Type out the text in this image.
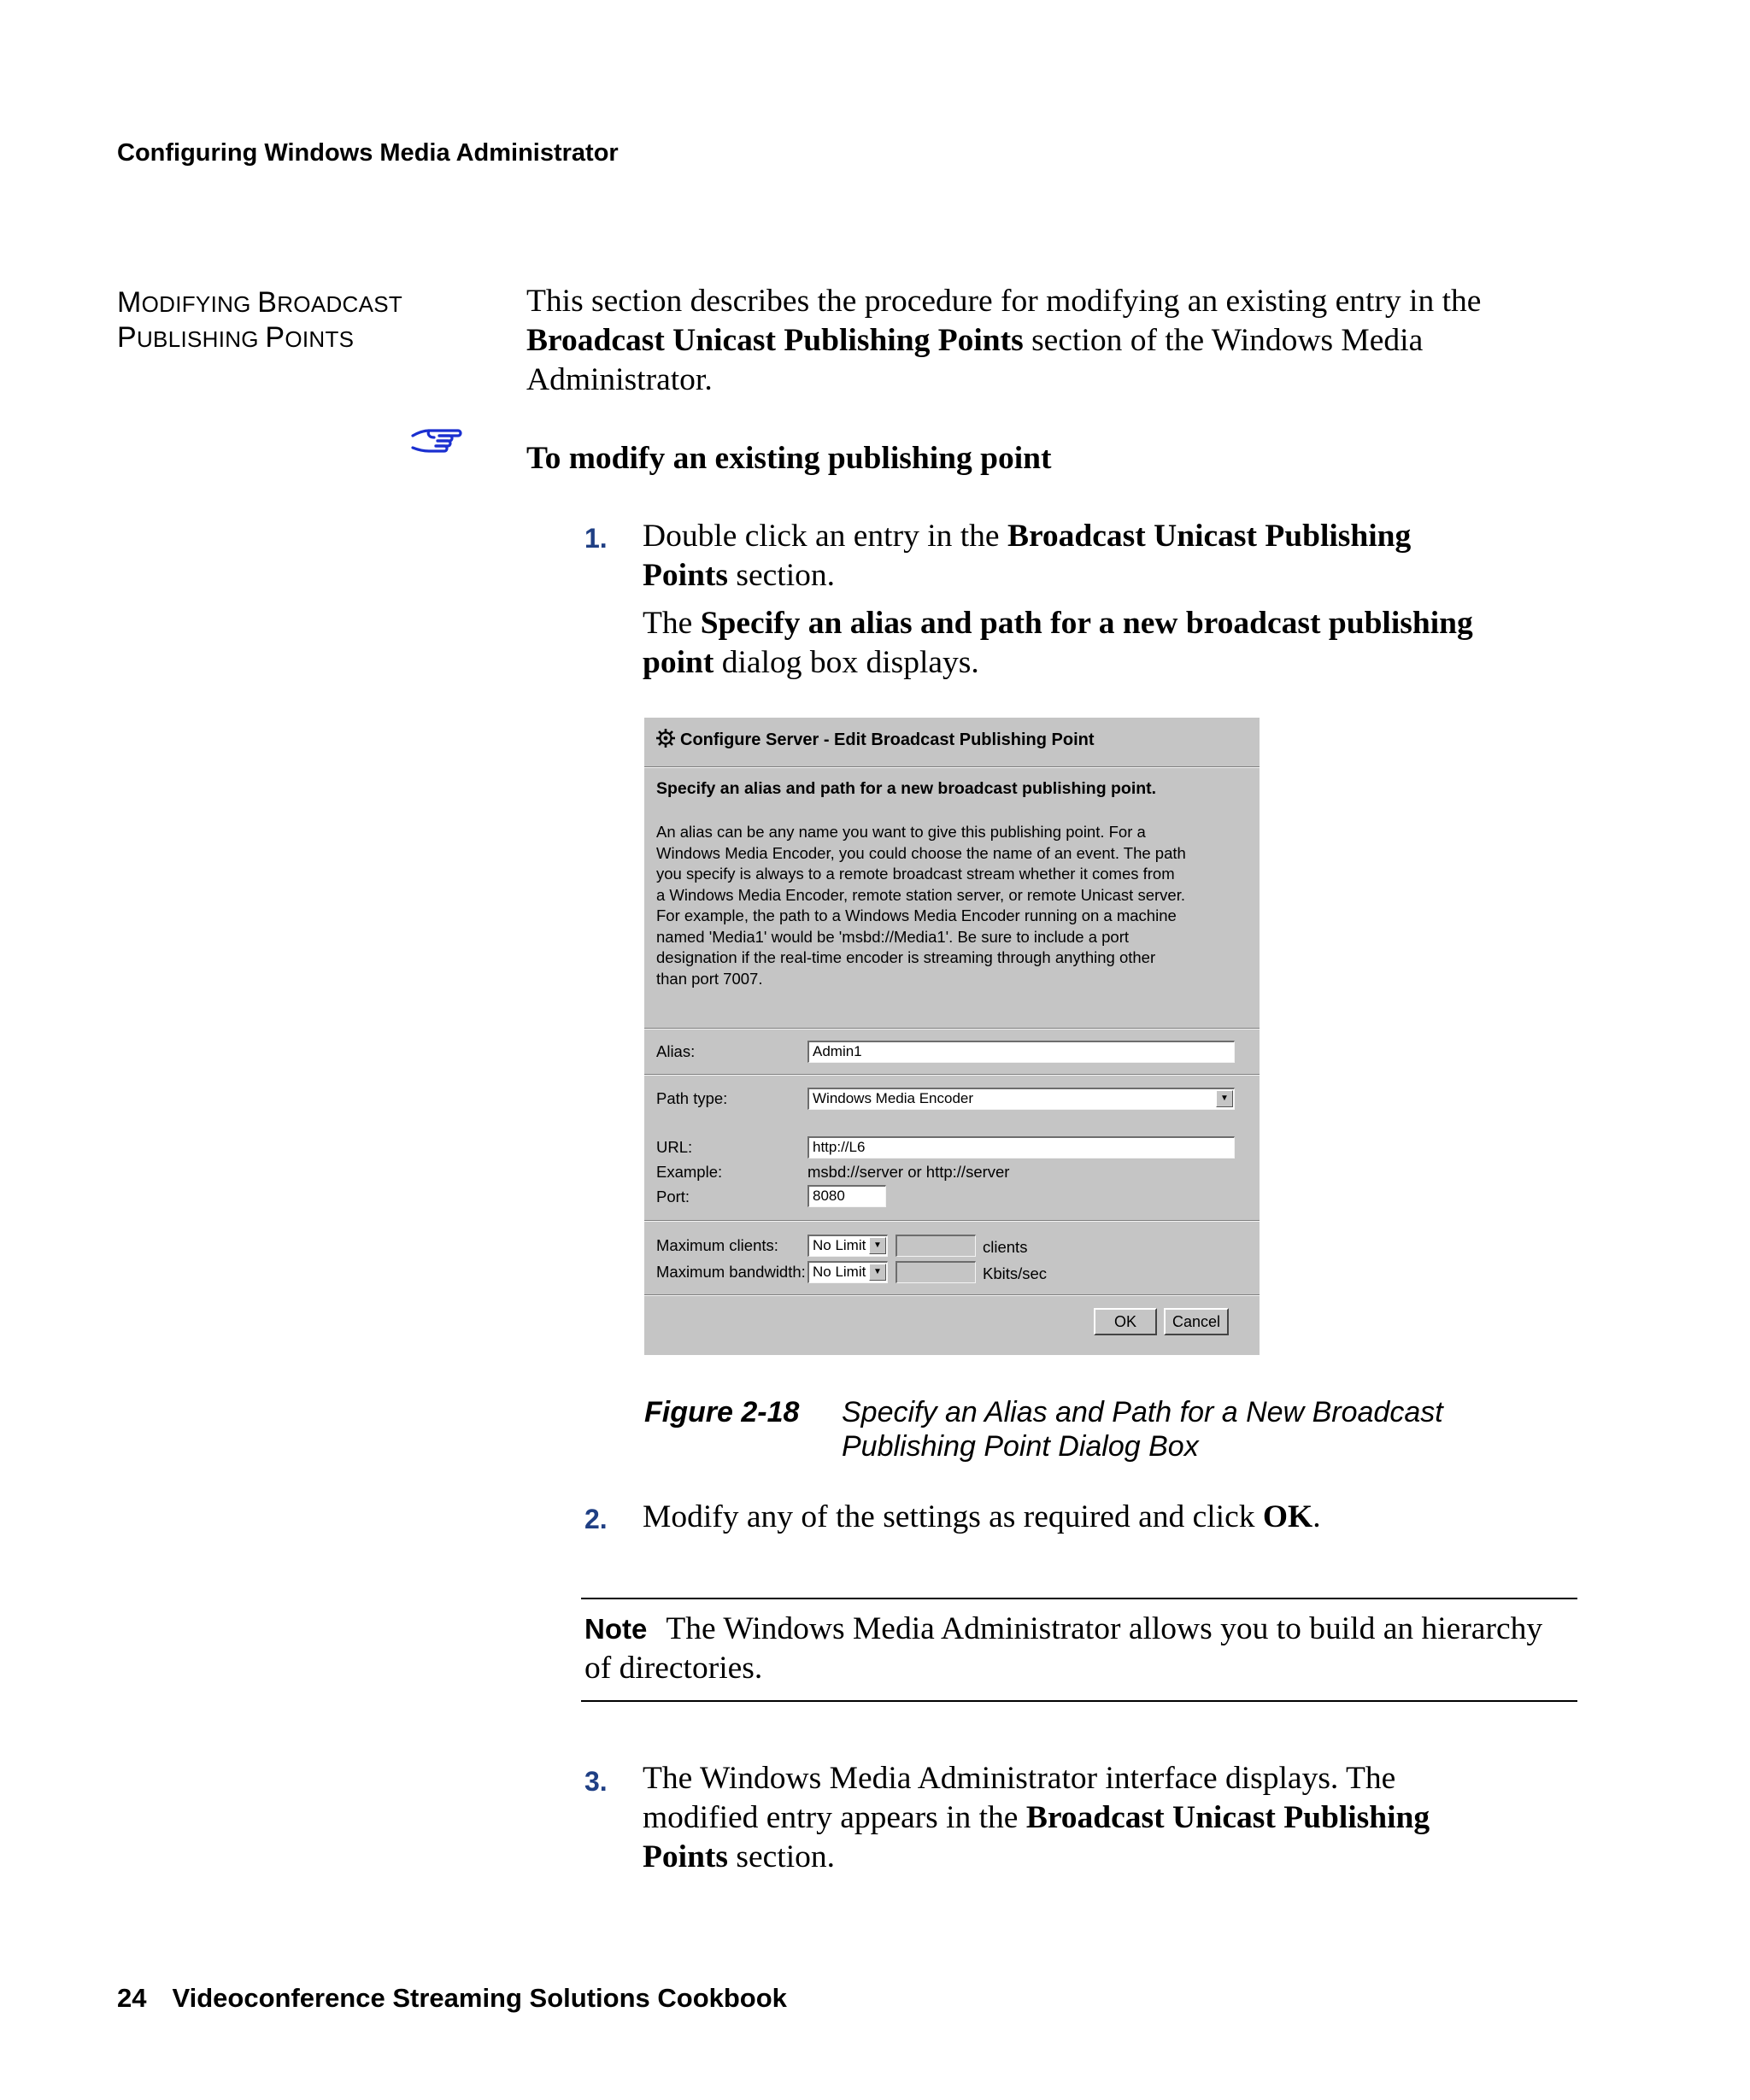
Configuring Windows Media Administrator
MODIFYING BROADCAST
PUBLISHING POINTS
This section describes the procedure for modifying an existing entry in the Broadcast Unicast Publishing Points section of the Windows Media Administrator.
To modify an existing publishing point
1. Double click an entry in the Broadcast Unicast Publishing Points section.
The Specify an alias and path for a new broadcast publishing point dialog box displays.
Configure Server - Edit Broadcast Publishing Point
Specify an alias and path for a new broadcast publishing point.
An alias can be any name you want to give this publishing point. For a
Windows Media Encoder, you could choose the name of an event. The path
you specify is always to a remote broadcast stream whether it comes from
a Windows Media Encoder, remote station server, or remote Unicast server.
For example, the path to a Windows Media Encoder running on a machine
named 'Media1' would be 'msbd://Media1'. Be sure to include a port
designation if the real-time encoder is streaming through anything other
than port 7007.
Alias:	Admin1
Path type:	Windows Media Encoder	▼
URL:	http://L6
Example:	msbd://server or http://server
Port:	8080
Maximum clients:	No Limit ▼	clients
Maximum bandwidth: No Limit ▼	Kbits/sec
OK	Cancel
Figure 2-18 Specify an Alias and Path for a New Broadcast
Publishing Point Dialog Box
2. Modify any of the settings as required and click OK.
Note The Windows Media Administrator allows you to build an hierarchy of directories.
3. The Windows Media Administrator interface displays. The modified entry appears in the Broadcast Unicast Publishing Points section.
24 Videoconference Streaming Solutions Cookbook
